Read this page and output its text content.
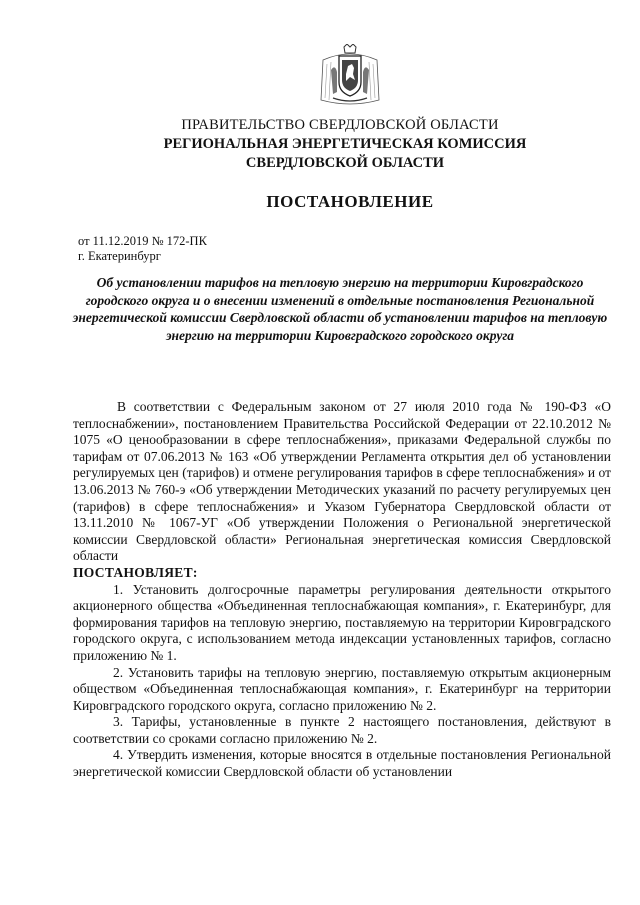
ПРАВИТЕЛЬСТВО СВЕРДЛОВСКОЙ ОБЛАСТИ
РЕГИОНАЛЬНАЯ ЭНЕРГЕТИЧЕСКАЯ КОМИССИЯ
СВЕРДЛОВСКОЙ ОБЛАСТИ
ПОСТАНОВЛЕНИЕ
от 11.12.2019 № 172-ПК
г. Екатеринбург
Об установлении тарифов на тепловую энергию на территории Кировградского городского округа и о внесении изменений в отдельные постановления Региональной энергетической комиссии Свердловской области об установлении тарифов на тепловую энергию на территории Кировградского городского округа

В соответствии с Федеральным законом от 27 июля 2010 года № 190-ФЗ «О теплоснабжении», постановлением Правительства Российской Федерации от 22.10.2012 № 1075 «О ценообразовании в сфере теплоснабжения», приказами Федеральной службы по тарифам от 07.06.2013 № 163 «Об утверждении Регламента открытия дел об установлении регулируемых цен (тарифов) и отмене регулирования тарифов в сфере теплоснабжения» и от 13.06.2013 № 760-э «Об утверждении Методических указаний по расчету регулируемых цен (тарифов) в сфере теплоснабжения» и Указом Губернатора Свердловской области от 13.11.2010 № 1067-УГ «Об утверждении Положения о Региональной энергетической комиссии Свердловской области» Региональная энергетическая комиссия Свердловской области

ПОСТАНОВЛЯЕТ:

1. Установить долгосрочные параметры регулирования деятельности открытого акционерного общества «Объединенная теплоснабжающая компания», г. Екатеринбург, для формирования тарифов на тепловую энергию, поставляемую на территории Кировградского городского округа, с использованием метода индексации установленных тарифов, согласно приложению № 1.

2. Установить тарифы на тепловую энергию, поставляемую открытым акционерным обществом «Объединенная теплоснабжающая компания», г. Екатеринбург на территории Кировградского городского округа, согласно приложению № 2.

3. Тарифы, установленные в пункте 2 настоящего постановления, действуют в соответствии со сроками согласно приложению № 2.

4. Утвердить изменения, которые вносятся в отдельные постановления Региональной энергетической комиссии Свердловской области об установлении
